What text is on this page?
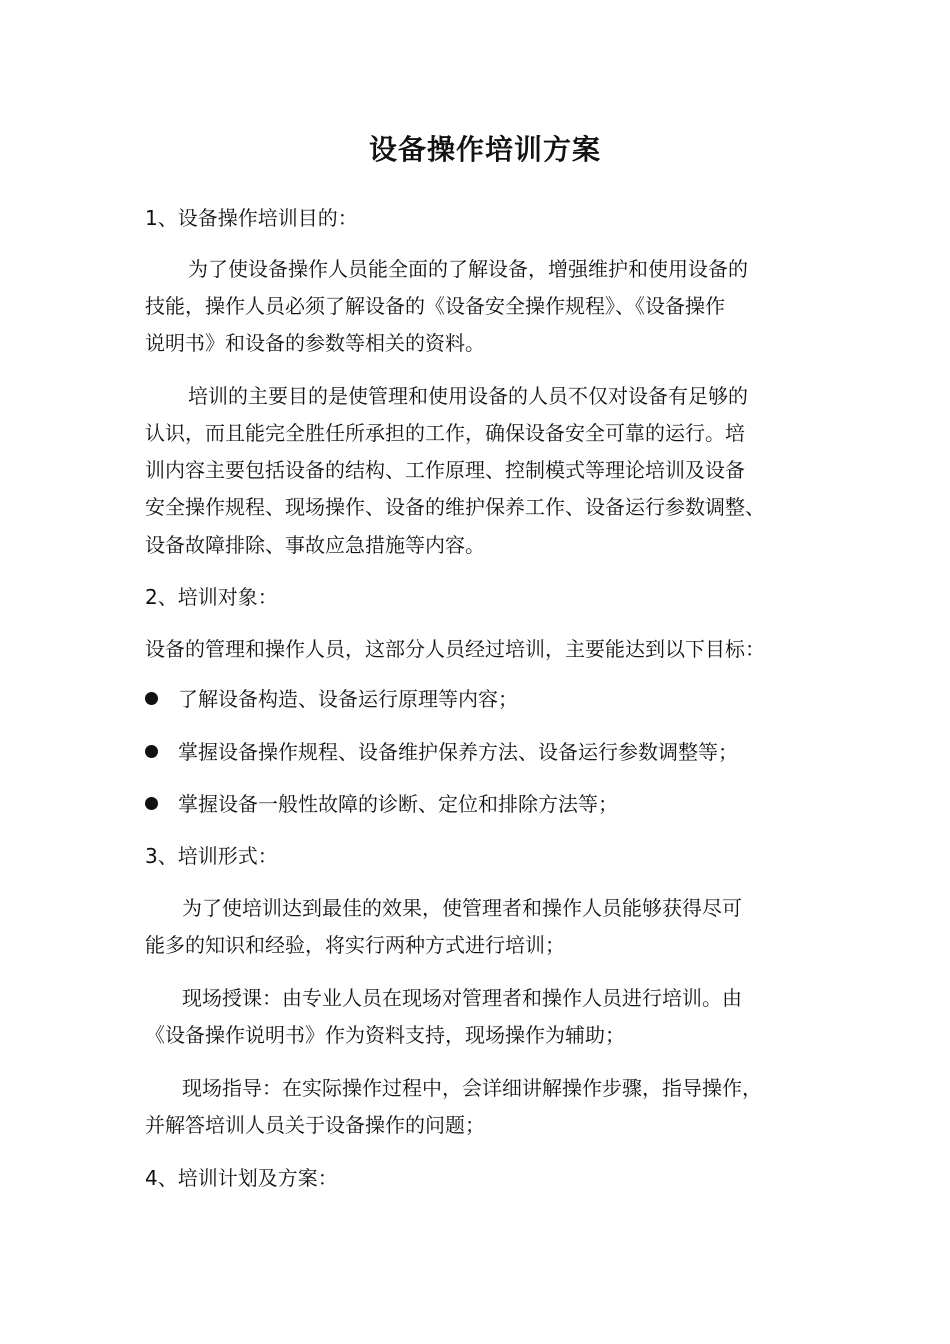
设备操作培训方案

1、设备操作培训目的：

为了使设备操作人员能全面的了解设备，增强维护和使用设备的

技能，操作人员必须了解设备的《设备安全操作规程》、《设备操作

说明书》和设备的参数等相关的资料。

培训的主要目的是使管理和使用设备的人员不仅对设备有足够的

认识，而且能完全胜任所承担的工作，确保设备安全可靠的运行。培

训内容主要包括设备的结构、工作原理、控制模式等理论培训及设备

安全操作规程、现场操作、设备的维护保养工作、设备运行参数调整、

设备故障排除、事故应急措施等内容。

2、培训对象：

设备的管理和操作人员，这部分人员经过培训，主要能达到以下目标：

了解设备构造、设备运行原理等内容；

掌握设备操作规程、设备维护保养方法、设备运行参数调整等；

掌握设备一般性故障的诊断、定位和排除方法等；

3、培训形式：

为了使培训达到最佳的效果，使管理者和操作人员能够获得尽可

能多的知识和经验，将实行两种方式进行培训；

现场授课：由专业人员在现场对管理者和操作人员进行培训。由

《设备操作说明书》作为资料支持，现场操作为辅助；

现场指导：在实际操作过程中，会详细讲解操作步骤，指导操作，

并解答培训人员关于设备操作的问题；

4、培训计划及方案：
